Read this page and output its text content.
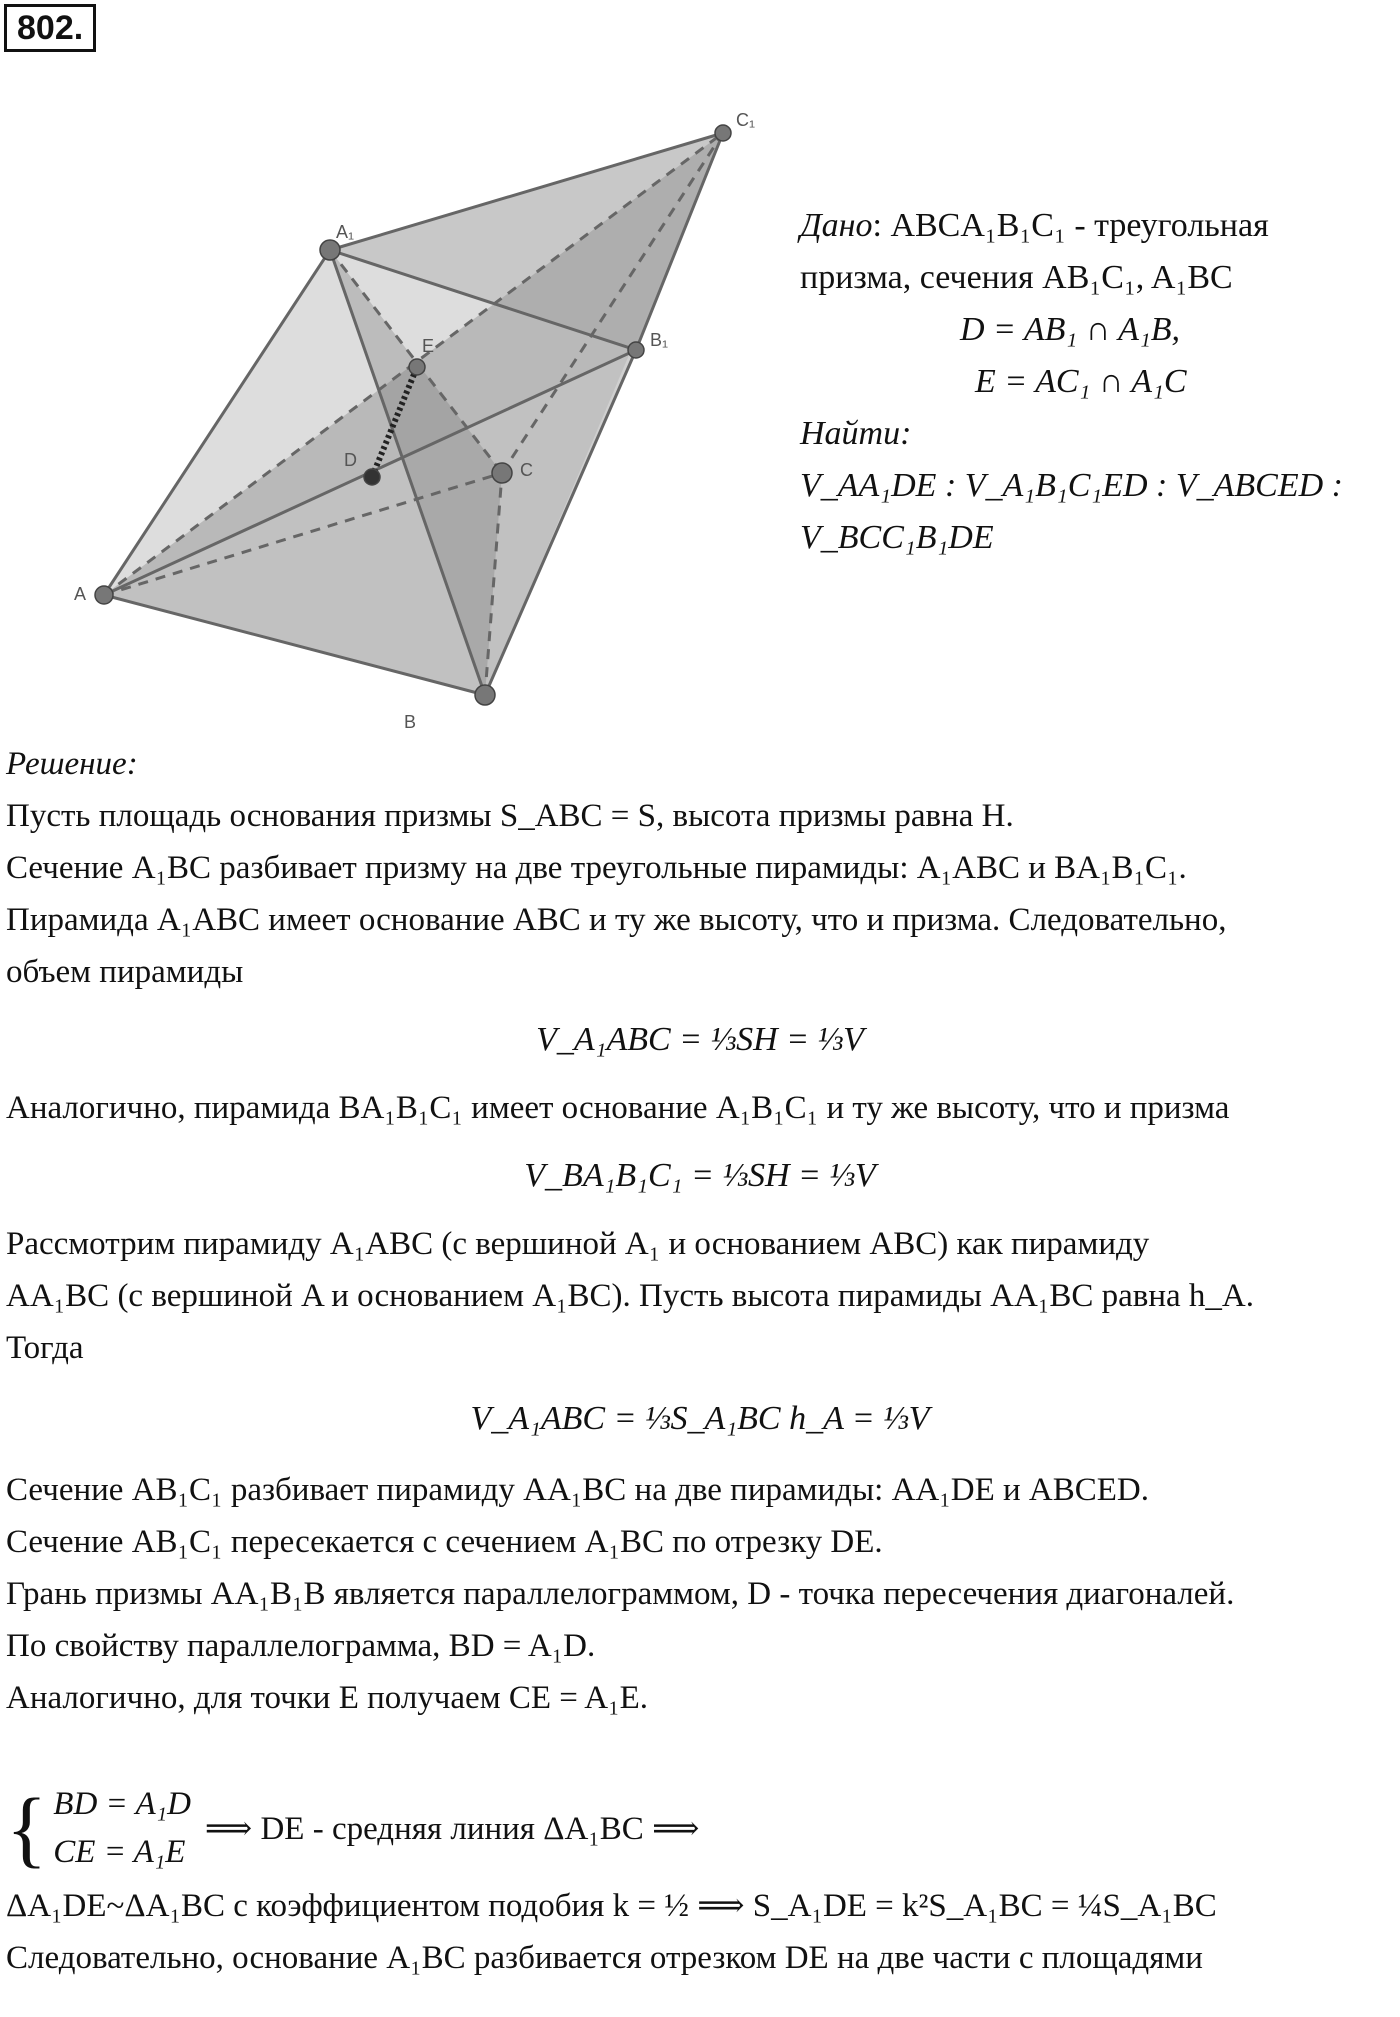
802.
A
B
C
D
E
A₁
B₁
C₁
Дано: ABCA₁B₁C₁ - треугольная
призма, сечения AB₁C₁, A₁BC
D = AB₁ ∩ A₁B,
E = AC₁ ∩ A₁C
Найти:
V_AA₁DE : V_A₁B₁C₁ED : V_ABCED : V_BCC₁B₁DE
Решение:
Пусть площадь основания призмы S_ABC = S, высота призмы равна H.
Сечение A₁BC разбивает призму на две треугольные пирамиды: A₁ABC и BA₁B₁C₁.
Пирамида A₁ABC имеет основание ABC и ту же высоту, что и призма. Следовательно,
объем пирамиды
V_A₁ABC = ⅓SH = ⅓V
Аналогично, пирамида BA₁B₁C₁ имеет основание A₁B₁C₁ и ту же высоту, что и призма
V_BA₁B₁C₁ = ⅓SH = ⅓V
Рассмотрим пирамиду A₁ABC (с вершиной A₁ и основанием ABC) как пирамиду
AA₁BC (с вершиной A и основанием A₁BC). Пусть высота пирамиды AA₁BC равна h_A.
Тогда
V_A₁ABC = ⅓S_A₁BC h_A = ⅓V
Сечение AB₁C₁ разбивает пирамиду AA₁BC на две пирамиды: AA₁DE и ABCED.
Сечение AB₁C₁ пересекается с сечением A₁BC по отрезку DE.
Грань призмы AA₁B₁B является параллелограммом, D - точка пересечения диагоналей.
По свойству параллелограмма, BD = A₁D.
Аналогично, для точки E получаем CE = A₁E.
{ BD = A₁D
CE = A₁E
⟹ DE - средняя линия ΔA₁BC ⟹
ΔA₁DE~ΔA₁BC с коэффициентом подобия k = ½ ⟹ S_A₁DE = k²S_A₁BC = ¼S_A₁BC
Следовательно, основание A₁BC разбивается отрезком DE на две части с площадями
